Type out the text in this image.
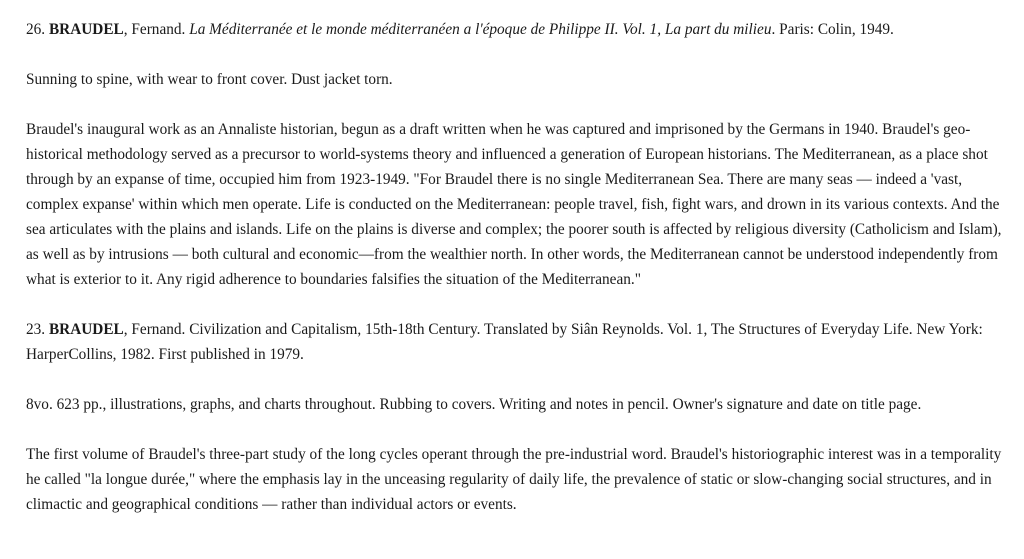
26. BRAUDEL, Fernand. La Méditerranée et le monde méditerranéen a l'époque de Philippe II. Vol. 1, La part du milieu. Paris: Colin, 1949.

Sunning to spine, with wear to front cover. Dust jacket torn.

Braudel's inaugural work as an Annaliste historian, begun as a draft written when he was captured and imprisoned by the Germans in 1940. Braudel's geo-historical methodology served as a precursor to world-systems theory and influenced a generation of European historians. The Mediterranean, as a place shot through by an expanse of time, occupied him from 1923-1949. "For Braudel there is no single Mediterranean Sea. There are many seas — indeed a 'vast, complex expanse' within which men operate. Life is conducted on the Mediterranean: people travel, fish, fight wars, and drown in its various contexts. And the sea articulates with the plains and islands. Life on the plains is diverse and complex; the poorer south is affected by religious diversity (Catholicism and Islam), as well as by intrusions — both cultural and economic—from the wealthier north. In other words, the Mediterranean cannot be understood independently from what is exterior to it. Any rigid adherence to boundaries falsifies the situation of the Mediterranean."

23. BRAUDEL, Fernand. Civilization and Capitalism, 15th-18th Century. Translated by Siân Reynolds. Vol. 1, The Structures of Everyday Life. New York: HarperCollins, 1982. First published in 1979.

8vo. 623 pp., illustrations, graphs, and charts throughout. Rubbing to covers. Writing and notes in pencil. Owner's signature and date on title page.

The first volume of Braudel's three-part study of the long cycles operant through the pre-industrial word. Braudel's historiographic interest was in a temporality he called "la longue durée," where the emphasis lay in the unceasing regularity of daily life, the prevalence of static or slow-changing social structures, and in climactic and geographical conditions — rather than individual actors or events.
